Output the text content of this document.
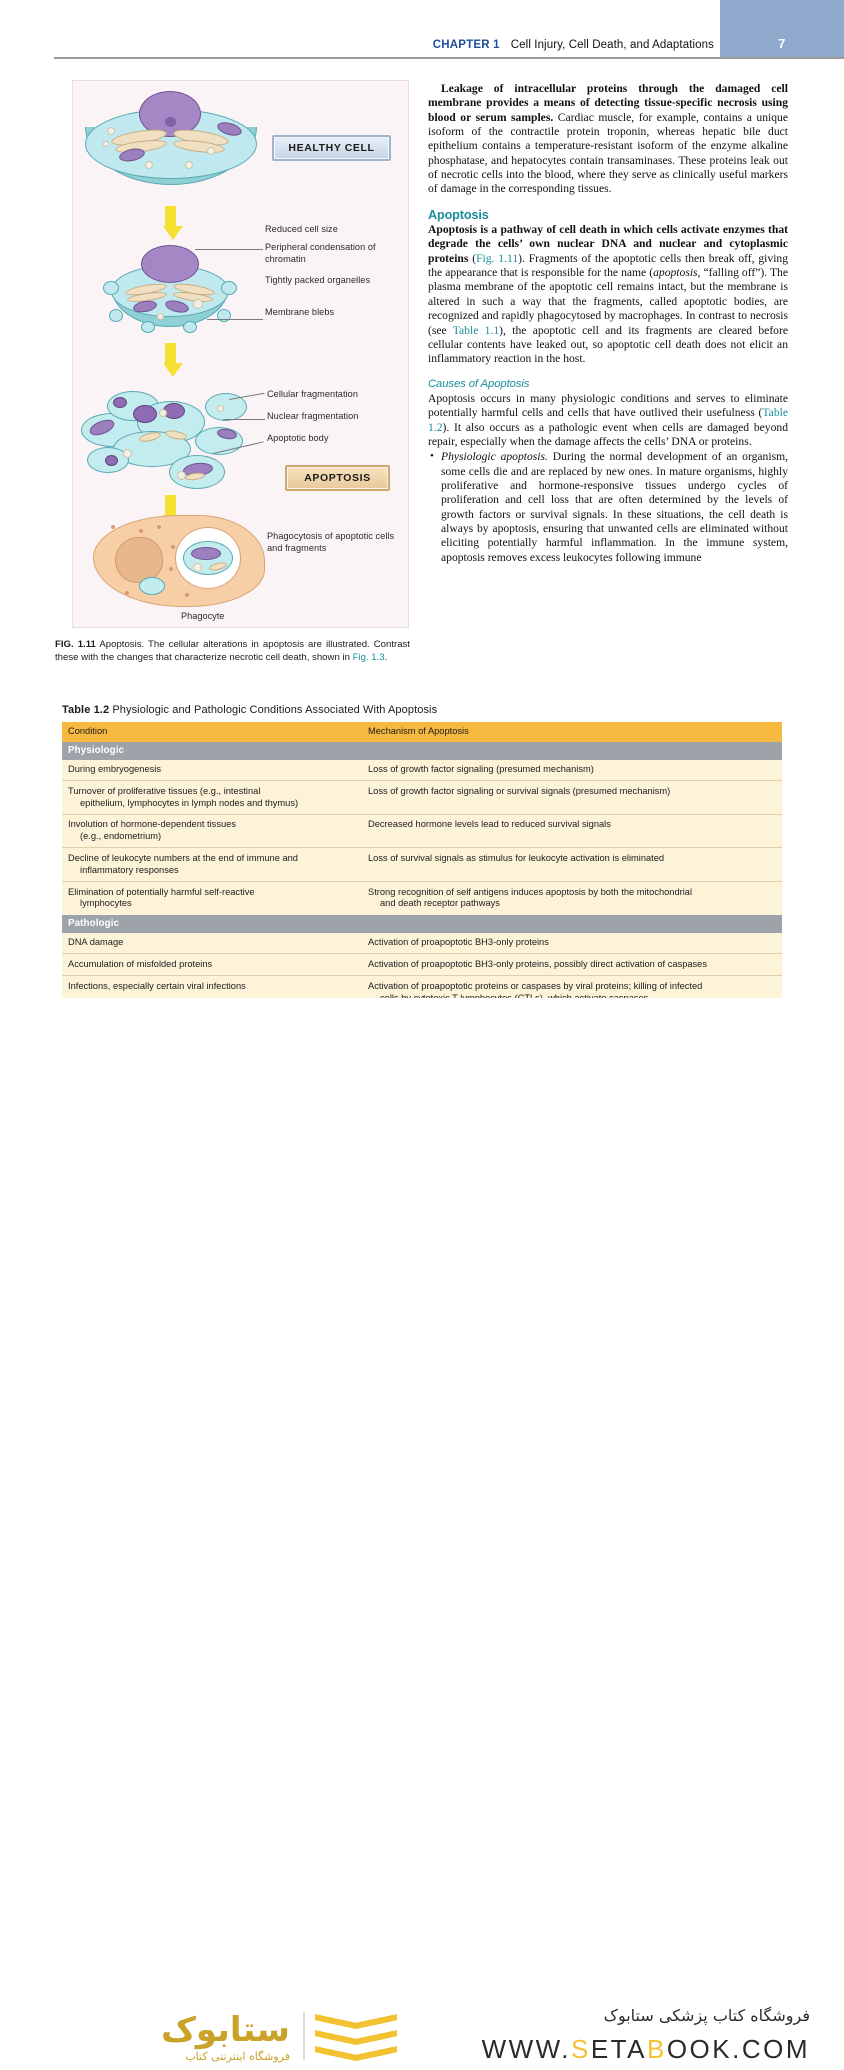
7
CHAPTER 1 Cell Injury, Cell Death, and Adaptations
Phagocyte
HEALTHY CELL
APOPTOSIS
Reduced cell size
Peripheral condensation of chromatin
Tightly packed organelles
Membrane blebs
Cellular fragmentation
Nuclear fragmentation
Apoptotic body
Phagocytosis of apoptotic cells and fragments
FIG. 1.11 Apoptosis. The cellular alterations in apoptosis are illustrated. Contrast these with the changes that characterize necrotic cell death, shown in Fig. 1.3.

Leakage of intracellular proteins through the damaged cell membrane provides a means of detecting tissue-specific necrosis using blood or serum samples. Cardiac muscle, for example, contains a unique isoform of the contractile protein troponin, whereas hepatic bile duct epithelium contains a temperature-resistant isoform of the enzyme alkaline phosphatase, and hepatocytes contain transaminases. These proteins leak out of necrotic cells into the blood, where they serve as clinically useful markers of damage in the corresponding tissues.

Apoptosis

Apoptosis is a pathway of cell death in which cells activate enzymes that degrade the cells’ own nuclear DNA and nuclear and cytoplasmic proteins (Fig. 1.11). Fragments of the apoptotic cells then break off, giving the appearance that is responsible for the name (apoptosis, “falling off”). The plasma membrane of the apoptotic cell remains intact, but the membrane is altered in such a way that the fragments, called apoptotic bodies, are recognized and rapidly phagocytosed by macrophages. In contrast to necrosis (see Table 1.1), the apoptotic cell and its fragments are cleared before cellular contents have leaked out, so apoptotic cell death does not elicit an inflammatory reaction in the host.

Causes of Apoptosis

Apoptosis occurs in many physiologic conditions and serves to eliminate potentially harmful cells and cells that have outlived their usefulness (Table 1.2). It also occurs as a pathologic event when cells are damaged beyond repair, especially when the damage affects the cells’ DNA or proteins.

• Physiologic apoptosis. During the normal development of an organism, some cells die and are replaced by new ones. In mature organisms, highly proliferative and hormone-responsive tissues undergo cycles of proliferation and cell loss that are often determined by the levels of growth factors or survival signals. In these situations, the cell death is always by apoptosis, ensuring that unwanted cells are eliminated without eliciting potentially harmful inflammation. In the immune system, apoptosis removes excess leukocytes following immune
Table 1.2 Physiologic and Pathologic Conditions Associated With Apoptosis
Condition	Mechanism of Apoptosis
Physiologic	
During embryogenesis	Loss of growth factor signaling (presumed mechanism)
Turnover of proliferative tissues (e.g., intestinal
epithelium, lymphocytes in lymph nodes and thymus)	Loss of growth factor signaling or survival signals (presumed mechanism)
Involution of hormone-dependent tissues
(e.g., endometrium)	Decreased hormone levels lead to reduced survival signals
Decline of leukocyte numbers at the end of immune and
inflammatory responses	Loss of survival signals as stimulus for leukocyte activation is eliminated
Elimination of potentially harmful self-reactive
lymphocytes	Strong recognition of self antigens induces apoptosis by both the mitochondrial
and death receptor pathways

Pathologic	
DNA damage	Activation of proapoptotic BH3-only proteins
Accumulation of misfolded proteins	Activation of proapoptotic BH3-only proteins, possibly direct activation of caspases
Infections, especially certain viral infections	Activation of proapoptotic proteins or caspases by viral proteins; killing of infected
ستابوک
فروشگاه اینترنتی کتاب
فروشگاه کتاب پزشکی ستابوک
WWW.SETABOOK.COM
